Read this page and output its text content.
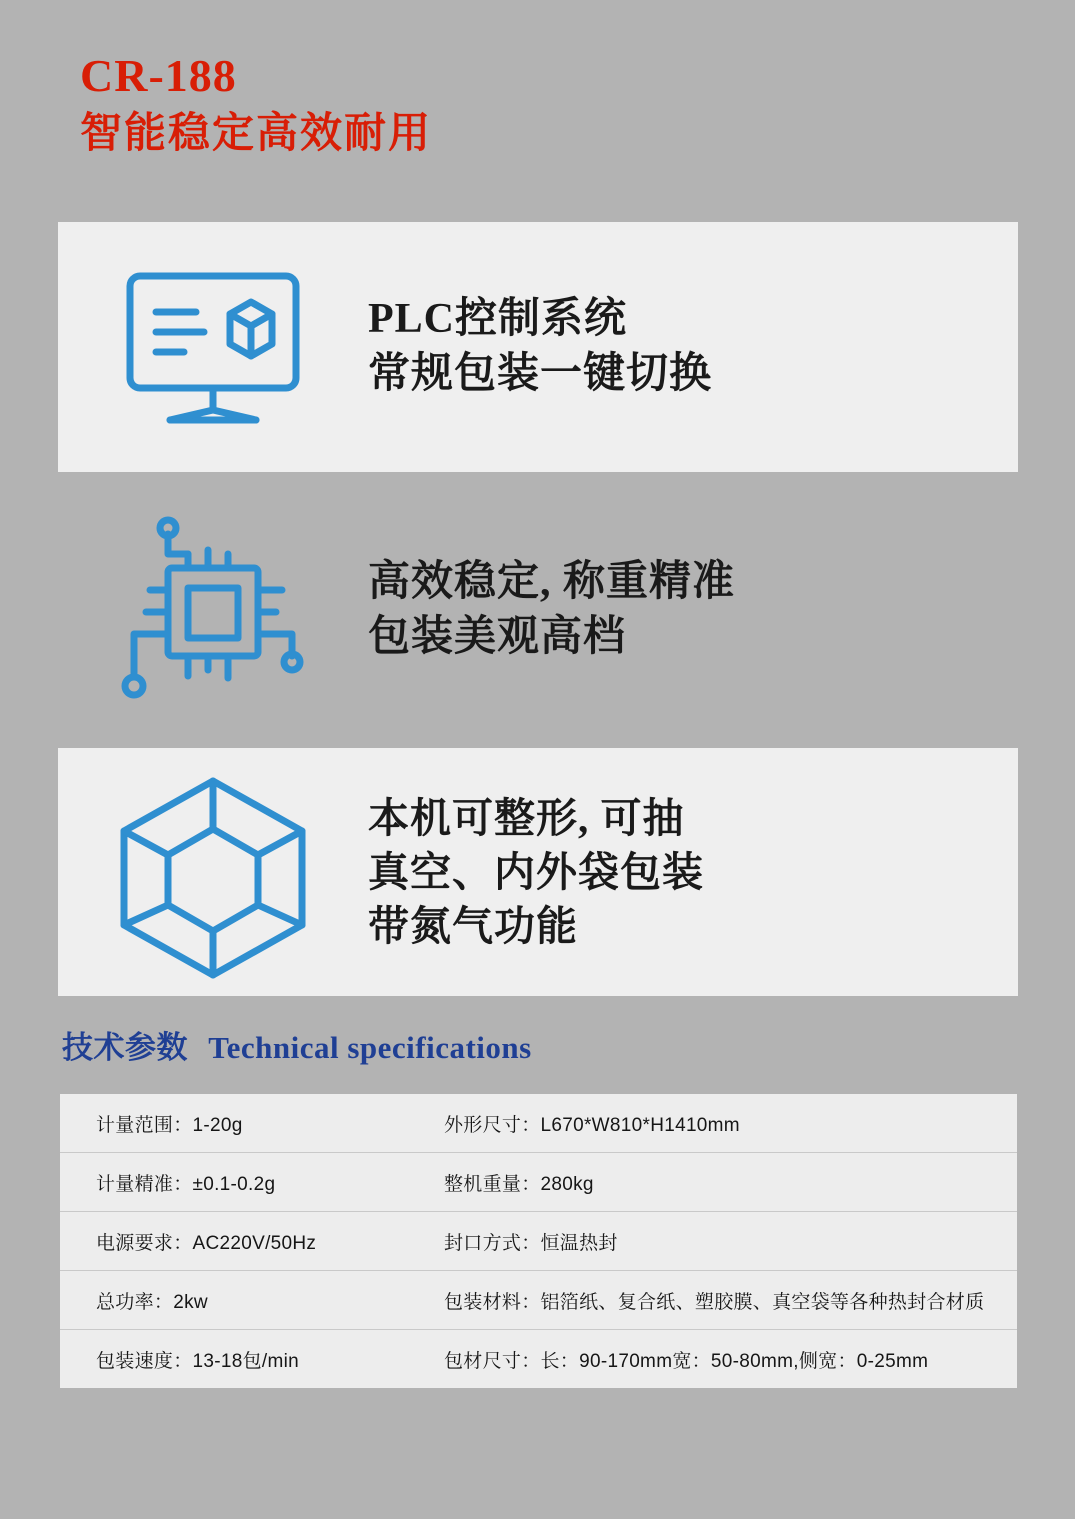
CR-188
智能稳定高效耐用
PLC控制系统
常规包装一键切换
高效稳定, 称重精准
包装美观高档
本机可整形, 可抽
真空、内外袋包装
带氮气功能
技术参数 Technical specifications
计量范围：1-20g	外形尺寸：L670*W810*H1410mm
计量精准：±0.1-0.2g	整机重量：280kg
电源要求：AC220V/50Hz	封口方式：恒温热封
总功率：2kw	包装材料：铝箔纸、复合纸、塑胶膜、真空袋等各种热封合材质
包装速度：13-18包/min	包材尺寸：长：90-170mm宽：50-80mm,侧宽：0-25mm
